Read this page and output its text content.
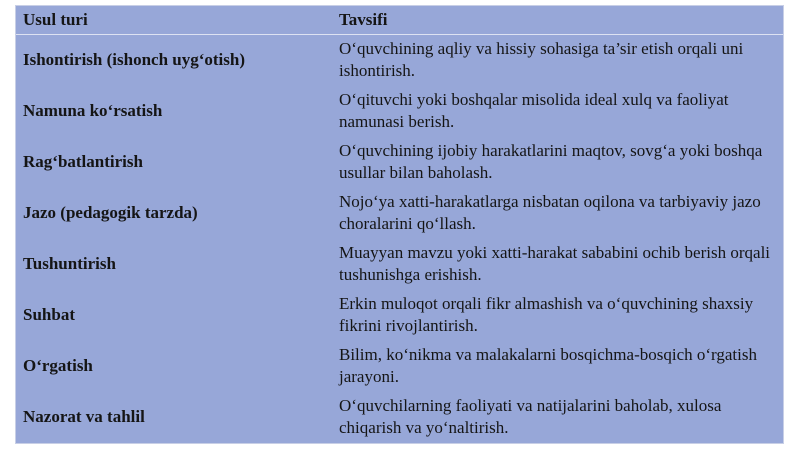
Usul turi	Tavsifi
Ishontirish (ishonch uyg‘otish)	O‘quvchining aqliy va hissiy sohasiga ta’sir etish orqali uni ishontirish.
Namuna ko‘rsatish	O‘qituvchi yoki boshqalar misolida ideal xulq va faoliyat namunasi berish.
Rag‘batlantirish	O‘quvchining ijobiy harakatlarini maqtov, sovg‘a yoki boshqa usullar bilan baholash.
Jazo (pedagogik tarzda)	Nojo‘ya xatti-harakatlarga nisbatan oqilona va tarbiyaviy jazo choralarini qo‘llash.
Tushuntirish	Muayyan mavzu yoki xatti-harakat sababini ochib berish orqali tushunishga erishish.
Suhbat	Erkin muloqot orqali fikr almashish va o‘quvchining shaxsiy fikrini rivojlantirish.
O‘rgatish	Bilim, ko‘nikma va malakalarni bosqichma-bosqich o‘rgatish jarayoni.
Nazorat va tahlil	O‘quvchilarning faoliyati va natijalarini baholab, xulosa chiqarish va yo‘naltirish.
